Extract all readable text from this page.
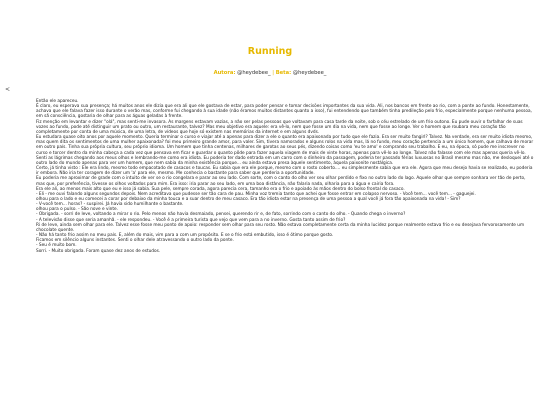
Running
Autora: @heydebee_ | Beta: @heydebee_
<

Então ele apareceu.

É claro, eu esperava sua presença; há muitos anos ele dizia que era ali que ele gostava de estar, para poder pensar e tomar decisões importantes da sua vida. Ali, nos bancos em frente ao rio, com a ponte ao fundo. Honestamente, achava que ele falava fazer isso durante o verão mas, conforme fui chegando à sua idade (não éramos muitos distantes quanto a isso), fui entendendo que também tinha predileção pelo frio, especialmente porque nenhuma pessoa, em sã consciência, gostaria de olhar para as águas geladas à frente.
Fiz menção em levantar e dizer "olá", mas senti-me invasora. As margens estavam vazias, a não ser pelas pessoas que voltavam para casa tarde da noite, sob o céu estrelado de um frio outono. Eu pude ouvir o farfalhar de suas vozes ao fundo, pode até distinguir um prato ou outro, um restaurante, talvez? Mas meu objetivo era aquele: era vê-lo, nem que fosse um dia na vida, nem que fosse ao longe. Ver o homem que roubara meu coração tão completamente por conta de uma música, de uma letra, de vídeos que hoje só existem nas memórias da internet e em alguns dvds.

Eu estudara quase oito anos por aquele momento. Queria terminar o curso e viajar até a apenas para dizer a ele o quanto era apaixonada por tudo que ele fazia. Era ser muito fangirl? Talvez. Na verdade, era ser muito idiota mesmo, mas quem dita os sentimentos de uma mulher apaixonada? foi meu primeiro grande amor, para valer. Sim, tivera namorados e alguns rolos na vida mas, lá no fundo, meu coração pertencia a um único homem, que calhava de morar em outro país. Tinha sua própria cultura, seu próprio idioma. Um homem que tinha centenas, milhares de garotas ao seus pés, dizendo coisas como 'eu te amo' e comprando seu trabalho. E eu, na época, só pude me inscrever no curso e torcer dentro da minha cabeça a cada vez que pensava em ficar e guardar o quanto pôde para fazer aquela viagem de mais de vinte horas, apenas para vê-lo ao longe. Talvez não falasse com ele mas apenas queria vê-lo.

Senti as lágrimas chegando aos meus olhos e lembrando-me como era idiota. Eu poderia ter dado entrada em um carro com o dinheiro da passagem, poderia ter passado férias luxuosas no Brasil mesmo mas não, me desloquei até o outro lado do mundo apenas para ver um homem, que nem sabia da minha existência porque... eu ainda estava presa àquele sentimento, àquela paixonite nostálgica.
Certo, já tinha visto : Ele era lindo, mesmo todo empacotado de casacos e toucas. Eu sabia que era ele porque, mesmo com o rosto coberto.... eu simplesmente sabia que era ele. Agora que meu desejo havia se realizado, eu poderia ir embora. Não iria ter coragem de dizer um 'a' para ele, mesmo. Me conhecia o bastante para saber que perderia a oportunidade.
Eu poderia me aproximar de grade com o intuito de ver se o rio congelara e parar ao seu lado. Com sorte, com o canto do olho ver seu olhar perdido e fixo no outro lado do lago. Aquele olhar que sempre sonhara ver tão de perto, mas que, por preferência, tivesse os olhos voltados para mim. Era isso: iria parar ao seu lado, em uma boa distância, não falaria nada, olharia para a água e cairia fora.
Era ele ali, ao menos mais alto que eu e isso já sabia. Sua pele, sempre corada, agora parecia cera, tamanho era o frio e apoiado às mãos dentro do bolso frontal do casaco.

- Eli - me ouvi falando alguns segundos depois. Nem acreditava que pudesse ser tão cara de pau. Minha voz tremia tanto que achei que fosse entrar em colapso nervoso. - Você tem... você tem... - gaguejei.
olhou para o lado e eu comecei a corar por debaixo da minha touca e a suar dentro de meu casaco. Era tão idiota estar na presença de uma pessoa a qual você já fora tão apaixonada na vida! - Sim?
- V-você tem... horas? - suspirei. Já havia sido humilhante o bastante.
olhou para o pulso. - São nove e vinte.
- Obrigada. - sorri de leve, voltando a mirar o rio. Pelo menos não havia desmaiado, pensei, querendo rir e, de fato, sorrindo com o canto do olho. - Quando chega o inverno?
- A televisão disse que seria amanhã. - ele respondeu. - Você é a primeira turista que vejo que vem para a no inverno. Gosta tanto assim de frio?
Ri de leve, ainda sem olhar para ele. Talvez esse fosse meu ponto de apoio: responder sem olhar para seu rosto. Não estava completamente certa da minha lucidez porque realmente estava frio e eu desejava fervorosamente um chocolate quente.
- Não há tanto frio assim no meu país. E, além do mais, vim para a com um propósito. E se o frio está embutido, isso é ótimo porque gosto.
Ficamos em silêncio alguns instantes. Senti o olhar dele atravessando o outro lado da ponte.
- Seu é muito bom.
Sorri. - Muito obrigada. Foram quase dez anos de estudos.
